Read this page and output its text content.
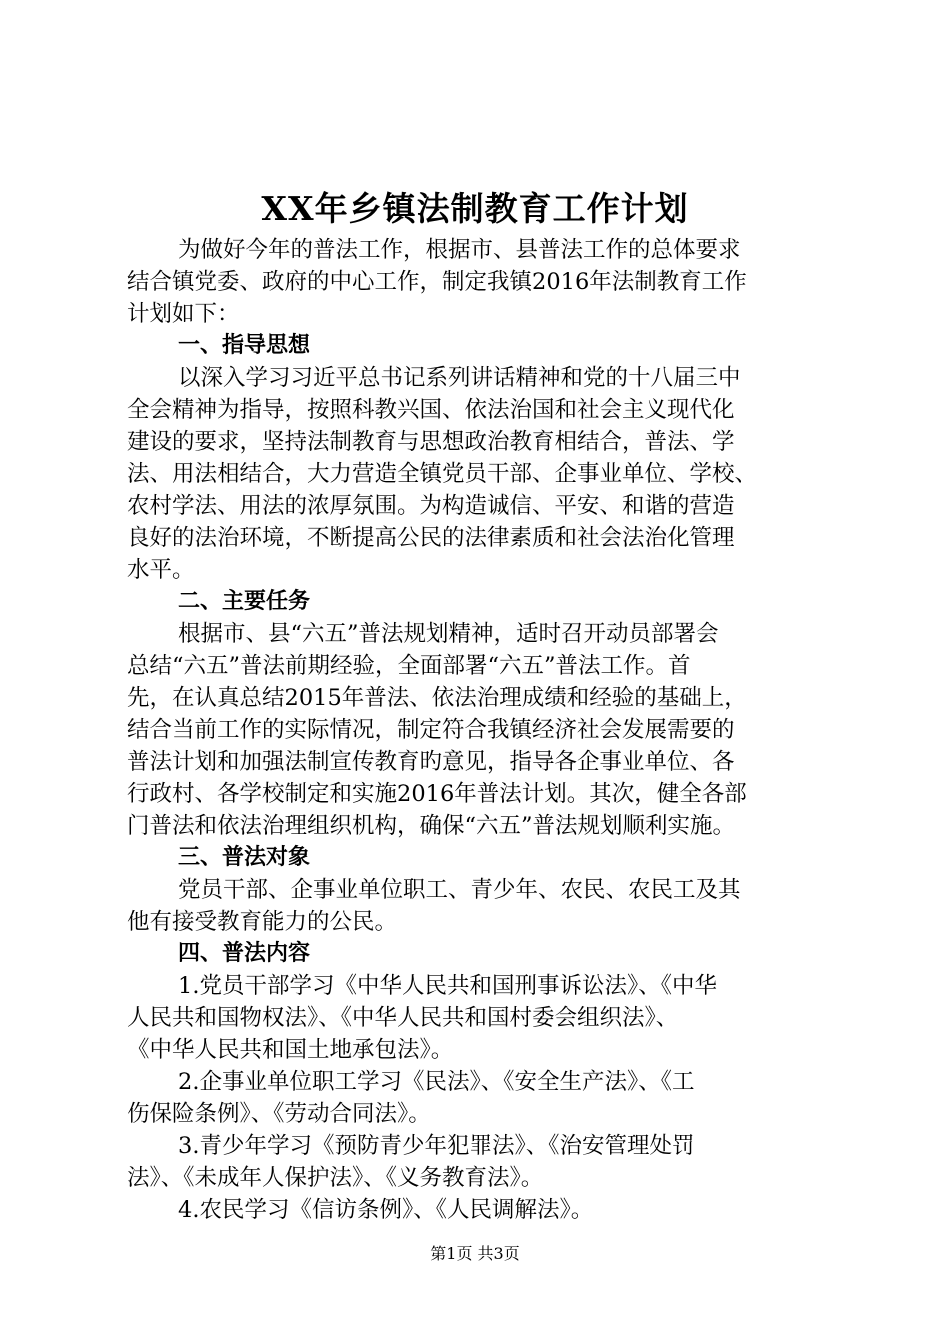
XX年乡镇法制教育工作计划
为做好今年的普法工作，根据市、县普法工作的总体要求
结合镇党委、政府的中心工作，制定我镇2016年法制教育工作
计划如下：
一、指导思想
以深入学习习近平总书记系列讲话精神和党的十八届三中
全会精神为指导，按照科教兴国、依法治国和社会主义现代化
建设的要求，坚持法制教育与思想政治教育相结合，普法、学
法、用法相结合，大力营造全镇党员干部、企事业单位、学校、
农村学法、用法的浓厚氛围。为构造诚信、平安、和谐的营造
良好的法治环境，不断提高公民的法律素质和社会法治化管理
水平。
二、主要任务
根据市、县“六五”普法规划精神，适时召开动员部署会
总结“六五”普法前期经验，全面部署“六五”普法工作。首
先，在认真总结2015年普法、依法治理成绩和经验的基础上，
结合当前工作的实际情况，制定符合我镇经济社会发展需要的
普法计划和加强法制宣传教育旳意见，指导各企事业单位、各
行政村、各学校制定和实施2016年普法计划。其次，健全各部
门普法和依法治理组织机构，确保“六五”普法规划顺利实施。
三、普法对象
党员干部、企事业单位职工、青少年、农民、农民工及其
他有接受教育能力的公民。
四、普法内容
1.党员干部学习《中华人民共和国刑事诉讼法》、《中华
人民共和国物权法》、《中华人民共和国村委会组织法》、
《中华人民共和国土地承包法》。
2.企事业单位职工学习《民法》、《安全生产法》、《工
伤保险条例》、《劳动合同法》。
3.青少年学习《预防青少年犯罪法》、《治安管理处罚
法》、《未成年人保护法》、《义务教育法》。
4.农民学习《信访条例》、《人民调解法》。
第1页 共3页
